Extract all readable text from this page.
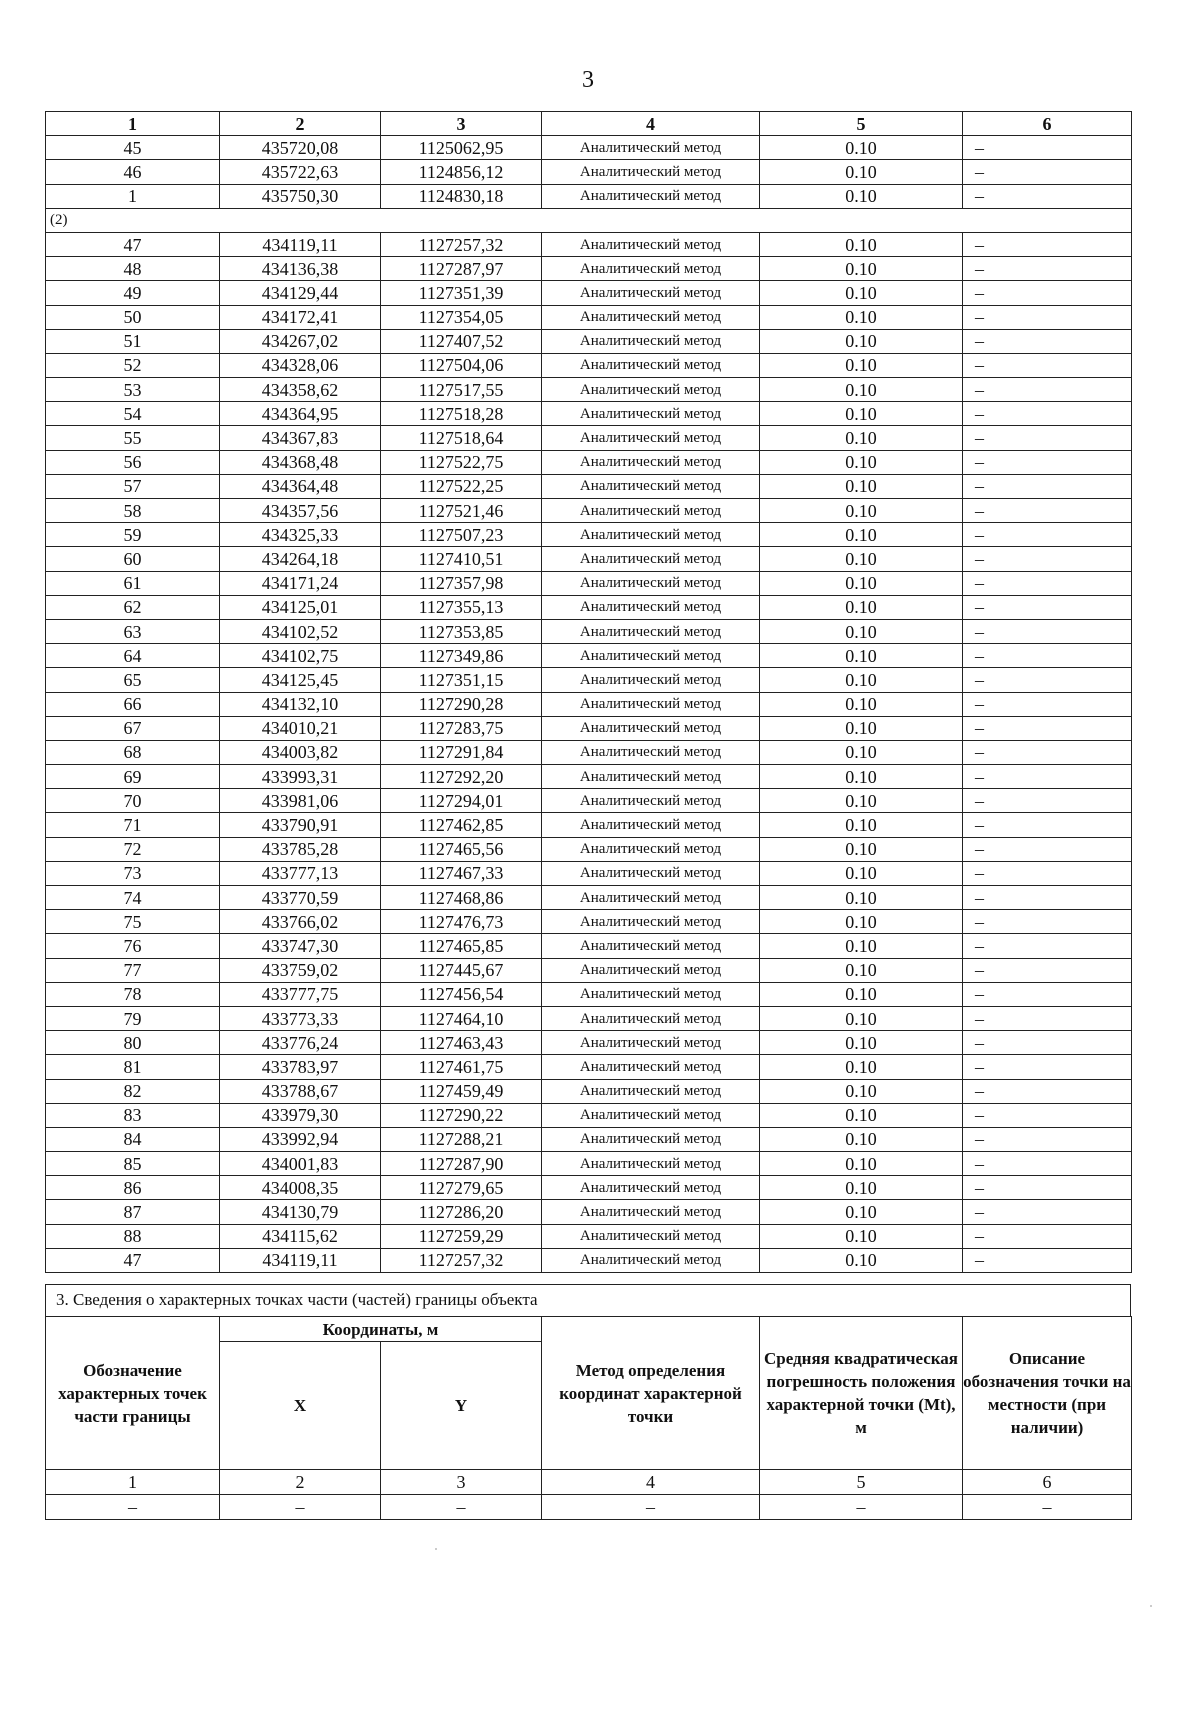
3
1	2	3	4	5	6
45	435720,08	1125062,95	Аналитический метод	0.10	–
46	435722,63	1124856,12	Аналитический метод	0.10	–
1	435750,30	1124830,18	Аналитический метод	0.10	–
(2)					
47	434119,11	1127257,32	Аналитический метод	0.10	–
48	434136,38	1127287,97	Аналитический метод	0.10	–
49	434129,44	1127351,39	Аналитический метод	0.10	–
50	434172,41	1127354,05	Аналитический метод	0.10	–
51	434267,02	1127407,52	Аналитический метод	0.10	–
52	434328,06	1127504,06	Аналитический метод	0.10	–
53	434358,62	1127517,55	Аналитический метод	0.10	–
54	434364,95	1127518,28	Аналитический метод	0.10	–
55	434367,83	1127518,64	Аналитический метод	0.10	–
56	434368,48	1127522,75	Аналитический метод	0.10	–
57	434364,48	1127522,25	Аналитический метод	0.10	–
58	434357,56	1127521,46	Аналитический метод	0.10	–
59	434325,33	1127507,23	Аналитический метод	0.10	–
60	434264,18	1127410,51	Аналитический метод	0.10	–
61	434171,24	1127357,98	Аналитический метод	0.10	–
62	434125,01	1127355,13	Аналитический метод	0.10	–
63	434102,52	1127353,85	Аналитический метод	0.10	–
64	434102,75	1127349,86	Аналитический метод	0.10	–
65	434125,45	1127351,15	Аналитический метод	0.10	–
66	434132,10	1127290,28	Аналитический метод	0.10	–
67	434010,21	1127283,75	Аналитический метод	0.10	–
68	434003,82	1127291,84	Аналитический метод	0.10	–
69	433993,31	1127292,20	Аналитический метод	0.10	–
70	433981,06	1127294,01	Аналитический метод	0.10	–
71	433790,91	1127462,85	Аналитический метод	0.10	–
72	433785,28	1127465,56	Аналитический метод	0.10	–
73	433777,13	1127467,33	Аналитический метод	0.10	–
74	433770,59	1127468,86	Аналитический метод	0.10	–
75	433766,02	1127476,73	Аналитический метод	0.10	–
76	433747,30	1127465,85	Аналитический метод	0.10	–
77	433759,02	1127445,67	Аналитический метод	0.10	–
78	433777,75	1127456,54	Аналитический метод	0.10	–
79	433773,33	1127464,10	Аналитический метод	0.10	–
80	433776,24	1127463,43	Аналитический метод	0.10	–
81	433783,97	1127461,75	Аналитический метод	0.10	–
82	433788,67	1127459,49	Аналитический метод	0.10	–
83	433979,30	1127290,22	Аналитический метод	0.10	–
84	433992,94	1127288,21	Аналитический метод	0.10	–
85	434001,83	1127287,90	Аналитический метод	0.10	–
86	434008,35	1127279,65	Аналитический метод	0.10	–
87	434130,79	1127286,20	Аналитический метод	0.10	–
88	434115,62	1127259,29	Аналитический метод	0.10	–
47	434119,11	1127257,32	Аналитический метод	0.10	–
3. Сведения о характерных точках части (частей) границы объекта
Обозначение характерных точек части границы	Координаты, м		Метод определения координат характерной точки	Средняя квадратическая погрешность положения характерной точки (Mt), м	Описание обозначения точки на местности (при наличии)
	X	Y			
1	2	3	4	5	6
–	–	–	–	–	–
